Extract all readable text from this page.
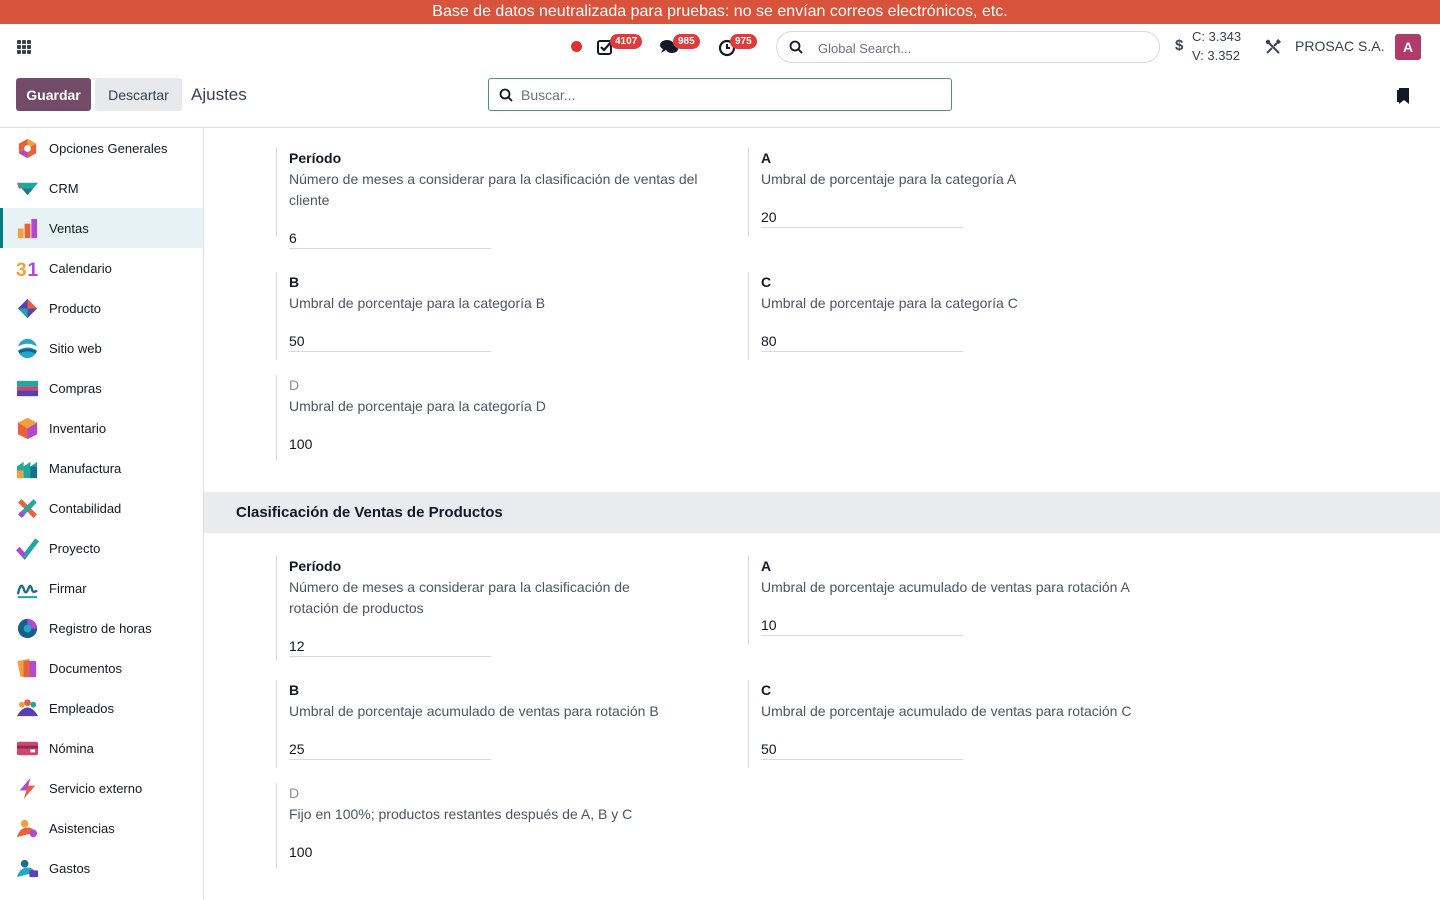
Base de datos neutralizada para pruebas: no se envían correos electrónicos, etc.
4107	985	975
Global Search...	$
C: 3.343
V: 3.352
PROSAC S.A.	A
Guardar	Descartar	Ajustes
Buscar...
Opciones Generales
CRM
Ventas
3 1 Calendario
Producto
Sitio web
Compras
Inventario
Manufactura
Contabilidad
Proyecto
Firmar
Registro de horas
Documentos
Empleados
Nómina
Servicio externo
Asistencias
Gastos
Período
Número de meses a considerar para la clasificación de ventas del cliente
6
A
Umbral de porcentaje para la categoría A
20
B
Umbral de porcentaje para la categoría B
50
C
Umbral de porcentaje para la categoría C
80
D
Umbral de porcentaje para la categoría D
100
Clasificación de Ventas de Productos
Período
Número de meses a considerar para la clasificación de rotación de productos
12
A
Umbral de porcentaje acumulado de ventas para rotación A
10
B
Umbral de porcentaje acumulado de ventas para rotación B
25
C
Umbral de porcentaje acumulado de ventas para rotación C
50
D
Fijo en 100%; productos restantes después de A, B y C
100
